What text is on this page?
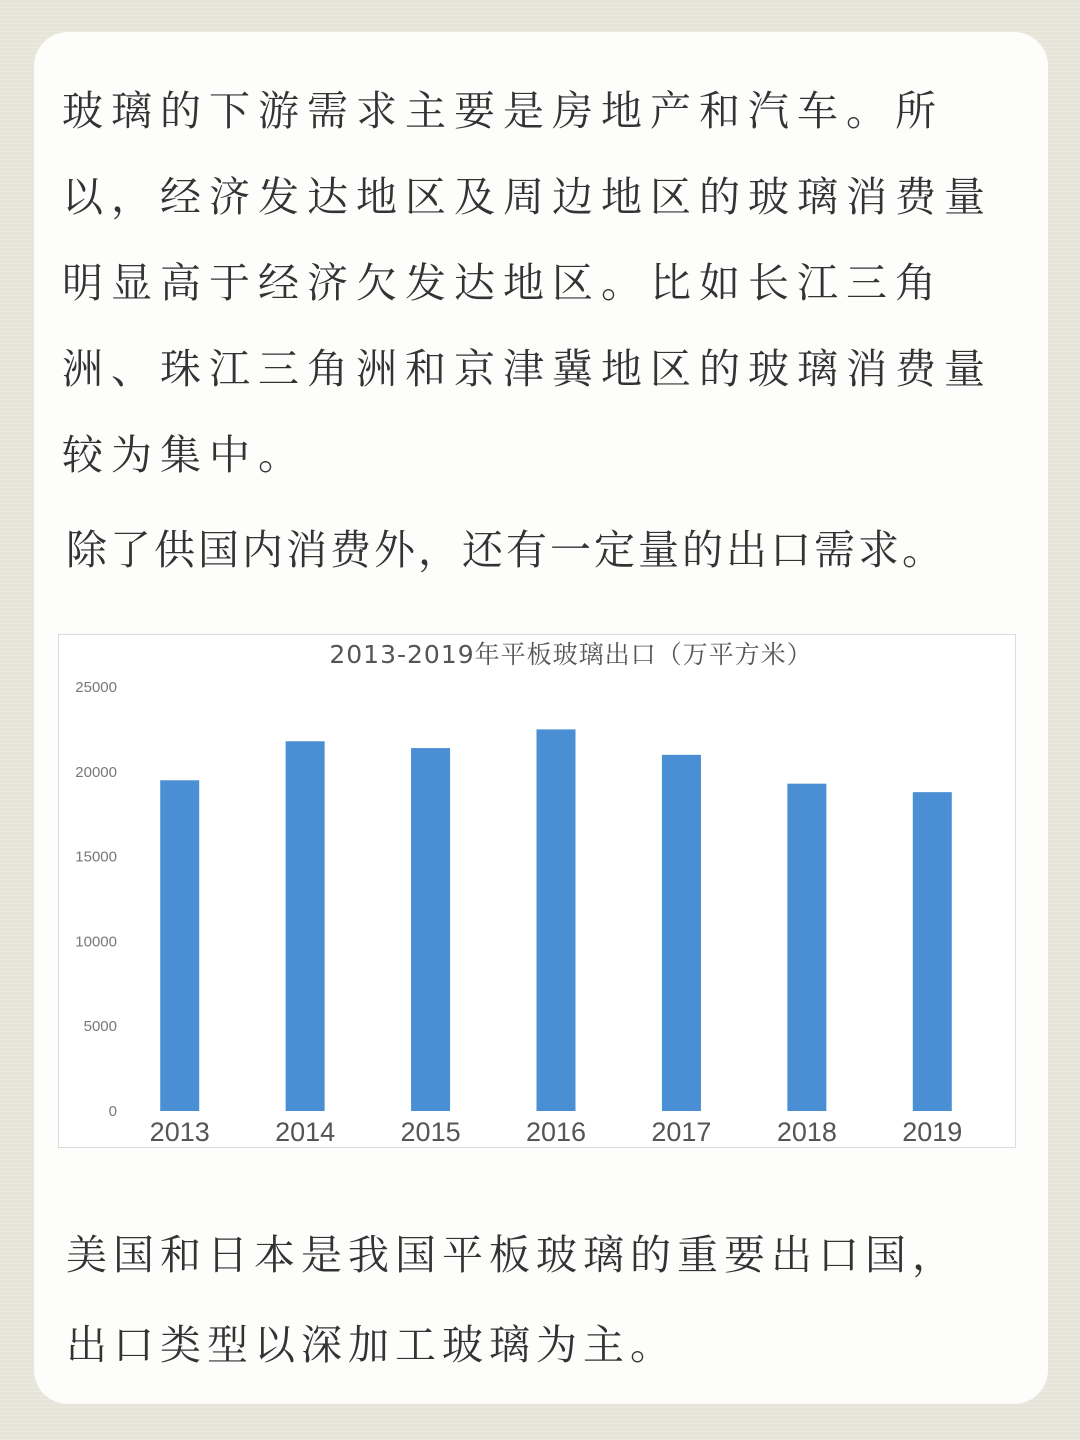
玻璃的下游需求主要是房地产和汽车。所
以，经济发达地区及周边地区的玻璃消费量
明显高于经济欠发达地区。比如长江三角
洲、珠江三角洲和京津冀地区的玻璃消费量
较为集中。
除了供国内消费外，还有一定量的出口需求。
2013-2019年平板玻璃出口（万平方米）
0
5000
10000
15000
20000
25000
2013 2014 2015 2016 2017 2018 2019
美国和日本是我国平板玻璃的重要出口国，
出口类型以深加工玻璃为主。
